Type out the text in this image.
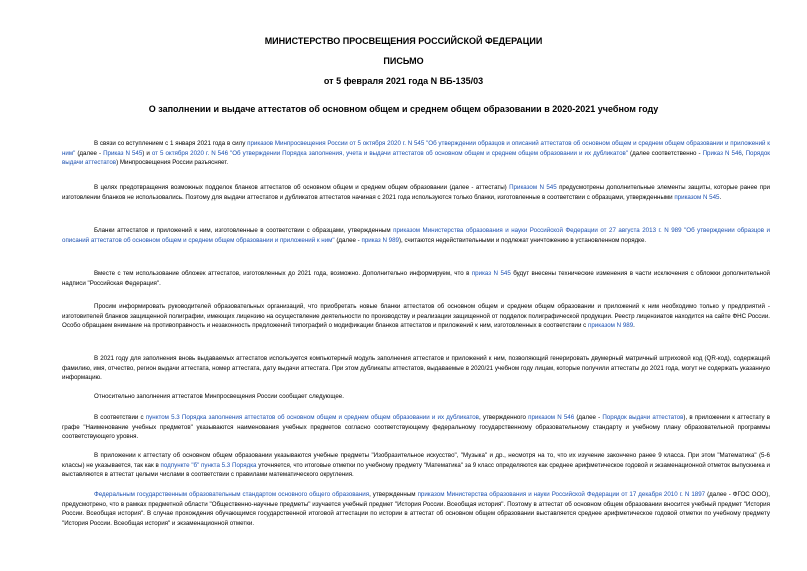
МИНИСТЕРСТВО ПРОСВЕЩЕНИЯ РОССИЙСКОЙ ФЕДЕРАЦИИ
ПИСЬМО
от 5 февраля 2021 года N ВБ-135/03
О заполнении и выдаче аттестатов об основном общем и среднем общем образовании в 2020-2021 учебном году
В связи со вступлением с 1 января 2021 года в силу приказов Минпросвещения России от 5 октября 2020 г. N 545 "Об утверждении образцов и описаний аттестатов об основном общем и среднем общем образовании и приложений к ним" (далее - Приказ N 545) и от 5 октября 2020 г. N 546 "Об утверждении Порядка заполнения, учета и выдачи аттестатов об основном общем и среднем общем образовании и их дубликатов" (далее соответственно - Приказ N 546, Порядок выдачи аттестатов) Минпросвещения России разъясняет.
В целях предотвращения возможных подделок бланков аттестатов об основном общем и среднем общем образовании (далее - аттестаты) Приказом N 545 предусмотрены дополнительные элементы защиты, которые ранее при изготовлении бланков не использовались. Поэтому для выдачи аттестатов и дубликатов аттестатов начиная с 2021 года используются только бланки, изготовленные в соответствии с образцами, утвержденными приказом N 545.
Бланки аттестатов и приложений к ним, изготовленные в соответствии с образцами, утвержденным приказом Министерства образования и науки Российской Федерации от 27 августа 2013 г. N 989 "Об утверждении образцов и описаний аттестатов об основном общем и среднем общем образовании и приложений к ним" (далее - приказ N 989), считаются недействительными и подлежат уничтожению в установленном порядке.
Вместе с тем использование обложек аттестатов, изготовленных до 2021 года, возможно. Дополнительно информируем, что в приказ N 545 будут внесены технические изменения в части исключения с обложки дополнительной надписи "Российская Федерация".
Просим информировать руководителей образовательных организаций, что приобретать новые бланки аттестатов об основном общем и среднем общем образовании и приложений к ним необходимо только у предприятий - изготовителей бланков защищенной полиграфии, имеющих лицензию на осуществление деятельности по производству и реализации защищенной от подделок полиграфической продукции. Реестр лицензиатов находится на сайте ФНС России. Особо обращаем внимание на противоправность и незаконность предложений типографий о модификации бланков аттестатов и приложений к ним, изготовленных в соответствии с приказом N 989.
В 2021 году для заполнения вновь выдаваемых аттестатов используется компьютерный модуль заполнения аттестатов и приложений к ним, позволяющий генерировать двумерный матричный штриховой код (QR-код), содержащий фамилию, имя, отчество, регион выдачи аттестата, номер аттестата, дату выдачи аттестата. При этом дубликаты аттестатов, выдаваемые в 2020/21 учебном году лицам, которые получили аттестаты до 2021 года, могут не содержать указанную информацию.
Относительно заполнения аттестатов Минпросвещения России сообщает следующее.
В соответствии с пунктом 5.3 Порядка заполнения аттестатов об основном общем и среднем общем образовании и их дубликатов, утвержденного приказом N 546 (далее - Порядок выдачи аттестатов), в приложении к аттестату в графе "Наименование учебных предметов" указываются наименования учебных предметов согласно соответствующему федеральному государственному образовательному стандарту и учебному плану образовательной программы соответствующего уровня.
В приложении к аттестату об основном общем образовании указываются учебные предметы "Изобразительное искусство", "Музыка" и др., несмотря на то, что их изучение закончено ранее 9 класса. При этом "Математика" (5-6 классы) не указывается, так как в подпункте "б" пункта 5.3 Порядка уточняется, что итоговые отметки по учебному предмету "Математика" за 9 класс определяются как среднее арифметическое годовой и экзаменационной отметок выпускника и выставляются в аттестат целыми числами в соответствии с правилами математического округления.
Федеральным государственным образовательным стандартом основного общего образования, утвержденным приказом Министерства образования и науки Российской Федерации от 17 декабря 2010 г. N 1897 (далее - ФГОС ООО), предусмотрено, что в рамках предметной области "Общественно-научные предметы" изучается учебный предмет "История России. Всеобщая история". Поэтому в аттестат об основном общем образовании вносится учебный предмет "История России. Всеобщая история". В случае прохождения обучающимся государственной итоговой аттестации по истории в аттестат об основном общем образовании выставляется среднее арифметическое годовой отметки по учебному предмету "История России. Всеобщая история" и экзаменационной отметки.
